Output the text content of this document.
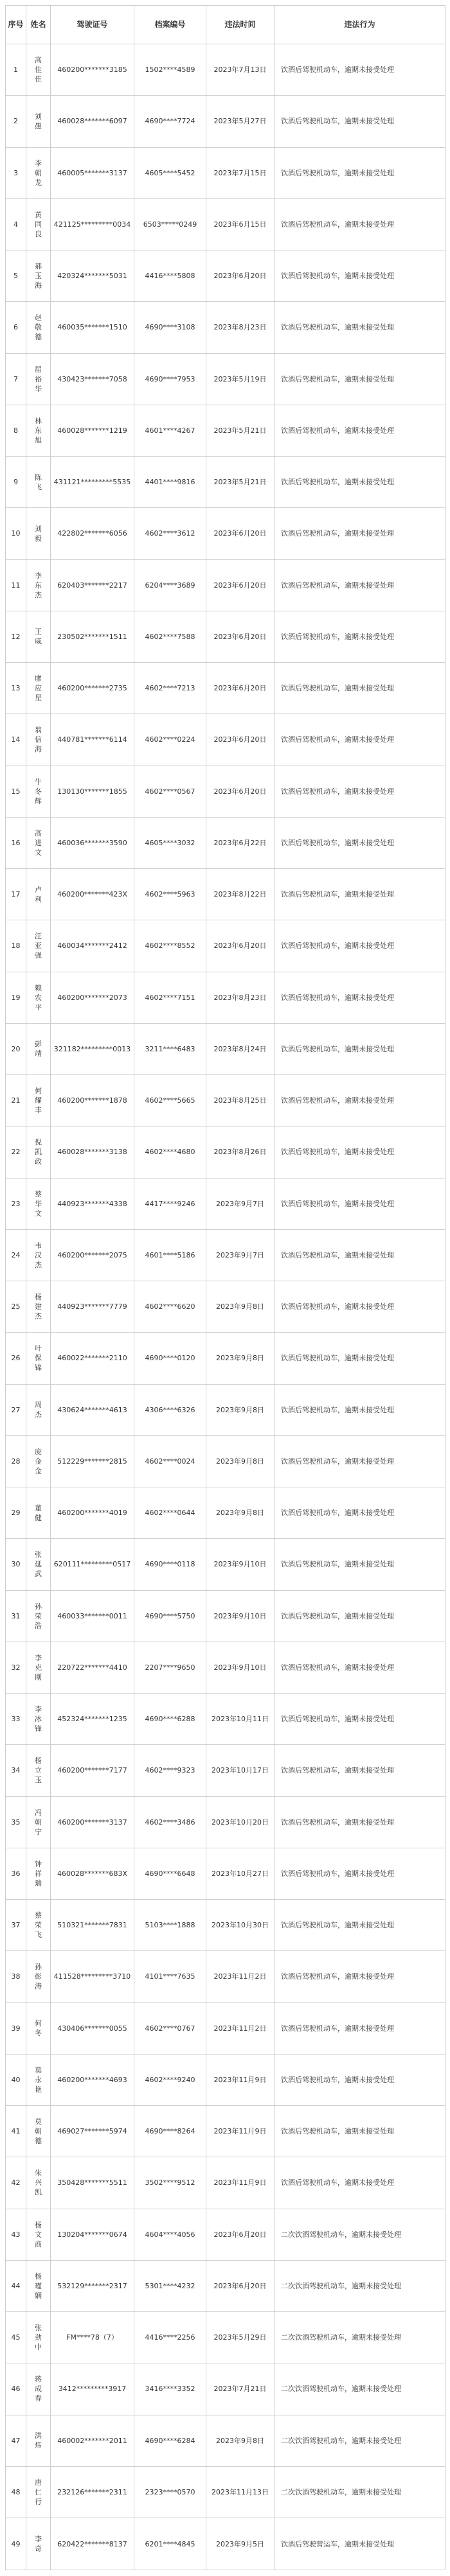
序号	姓名	驾驶证号	档案编号	违法时间	违法行为
1	高佳佳	460200*******3185	1502****4589	2023年7月13日	饮酒后驾驶机动车，逾期未接受处理
2	刘愚	460028*******6097	4690****7724	2023年5月27日	饮酒后驾驶机动车，逾期未接受处理
3	李朝龙	460005*******3137	4605****5452	2023年7月15日	饮酒后驾驶机动车，逾期未接受处理
4	黄同良	421125*********0034	6503*****0249	2023年6月15日	饮酒后驾驶机动车，逾期未接受处理
5	郝玉海	420324*******5031	4416****5808	2023年6月20日	饮酒后驾驶机动车，逾期未接受处理
6	赵敬德	460035*******1510	4690****3108	2023年8月23日	饮酒后驾驶机动车，逾期未接受处理
7	屈裕华	430423*******7058	4690****7953	2023年5月19日	饮酒后驾驶机动车，逾期未接受处理
8	林东旭	460028*******1219	4601****4267	2023年5月21日	饮酒后驾驶机动车，逾期未接受处理
9	陈飞	431121*********5535	4401****9816	2023年5月21日	饮酒后驾驶机动车，逾期未接受处理
10	刘毅	422802*******6056	4602****3612	2023年6月20日	饮酒后驾驶机动车，逾期未接受处理
11	李东杰	620403*******2217	6204****3689	2023年6月20日	饮酒后驾驶机动车，逾期未接受处理
12	王威	230502*******1511	4602****7588	2023年6月20日	饮酒后驾驶机动车，逾期未接受处理
13	廖应星	460200*******2735	4602****7213	2023年6月20日	饮酒后驾驶机动车，逾期未接受处理
14	翁信海	440781*******6114	4602****0224	2023年6月20日	饮酒后驾驶机动车，逾期未接受处理
15	牛冬辉	130130*******1855	4602****0567	2023年6月20日	饮酒后驾驶机动车，逾期未接受处理
16	高进文	460036*******3590	4605****3032	2023年6月22日	饮酒后驾驶机动车，逾期未接受处理
17	卢利	460200*******423X	4602****5963	2023年8月22日	饮酒后驾驶机动车，逾期未接受处理
18	汪亚强	460034*******2412	4602****8552	2023年6月20日	饮酒后驾驶机动车，逾期未接受处理
19	赖农平	460200*******2073	4602****7151	2023年8月23日	饮酒后驾驶机动车，逾期未接受处理
20	彭靖	321182*********0013	3211****6483	2023年8月24日	饮酒后驾驶机动车，逾期未接受处理
21	何耀丰	460200*******1878	4602****5665	2023年8月25日	饮酒后驾驶机动车，逾期未接受处理
22	倪凯政	460028*******3138	4602****4680	2023年8月26日	饮酒后驾驶机动车，逾期未接受处理
23	蔡华文	440923*******4338	4417****9246	2023年9月7日	饮酒后驾驶机动车，逾期未接受处理
24	韦汉杰	460200*******2075	4601****5186	2023年9月7日	饮酒后驾驶机动车，逾期未接受处理
25	杨建杰	440923*******7779	4602****6620	2023年9月8日	饮酒后驾驶机动车，逾期未接受处理
26	叶保锦	460022*******2110	4690****0120	2023年9月8日	饮酒后驾驶机动车，逾期未接受处理
27	周杰	430624*******4613	4306****6326	2023年9月8日	饮酒后驾驶机动车，逾期未接受处理
28	庞金金	512229*******2815	4602****0024	2023年9月8日	饮酒后驾驶机动车，逾期未接受处理
29	董健	460200*******4019	4602****0644	2023年9月8日	饮酒后驾驶机动车，逾期未接受处理
30	张延武	620111*********0517	4690****0118	2023年9月10日	饮酒后驾驶机动车，逾期未接受处理
31	孙荣浩	460033*******0011	4690****5750	2023年9月10日	饮酒后驾驶机动车，逾期未接受处理
32	李克刚	220722*******4410	2207****9650	2023年9月10日	饮酒后驾驶机动车，逾期未接受处理
33	李冰锋	452324*******1235	4690****6288	2023年10月11日	饮酒后驾驶机动车，逾期未接受处理
34	杨立玉	460200*******7177	4602****9323	2023年10月17日	饮酒后驾驶机动车，逾期未接受处理
35	冯朝宁	460200*******3137	4602****3486	2023年10月20日	饮酒后驾驶机动车，逾期未接受处理
36	钟祥瑞	460028*******683X	4690****6648	2023年10月27日	饮酒后驾驶机动车，逾期未接受处理
37	蔡荣飞	510321*******7831	5103****1888	2023年10月30日	饮酒后驾驶机动车，逾期未接受处理
38	孙彰涛	411528*********3710	4101****7635	2023年11月2日	饮酒后驾驶机动车，逾期未接受处理
39	何冬	430406*******0055	4602****0767	2023年11月2日	饮酒后驾驶机动车，逾期未接受处理
40	莫永艳	460200*******4693	4602****9240	2023年11月9日	饮酒后驾驶机动车，逾期未接受处理
41	莫朝德	469027*******5974	4690****8264	2023年11月9日	饮酒后驾驶机动车，逾期未接受处理
42	朱兴凯	350428*******5511	3502****9512	2023年11月9日	饮酒后驾驶机动车，逾期未接受处理
43	杨文商	130204*******0674	4604****4056	2023年6月20日	二次饮酒驾驶机动车，逾期未接受处理
44	杨瑾娴	532129*******2317	5301****4232	2023年6月20日	二次饮酒驾驶机动车，逾期未接受处理
45	张劲中	FM****78（7）	4416****2256	2023年5月29日	二次饮酒驾驶机动车，逾期未接受处理
46	蒋成春	3412*********3917	3416****3352	2023年7月21日	二次饮酒驾驶机动车，逾期未接受处理
47	洪炜	460002*******2011	4690****6284	2023年9月8日	二次饮酒驾驶机动车，逾期未接受处理
48	唐仁行	232126*******2311	2323****0570	2023年11月13日	二次饮酒驾驶机动车，逾期未接受处理
49	李奇	620422*******8137	6201****4845	2023年9月5日	饮酒后驾驶营运车，逾期未接受处理
